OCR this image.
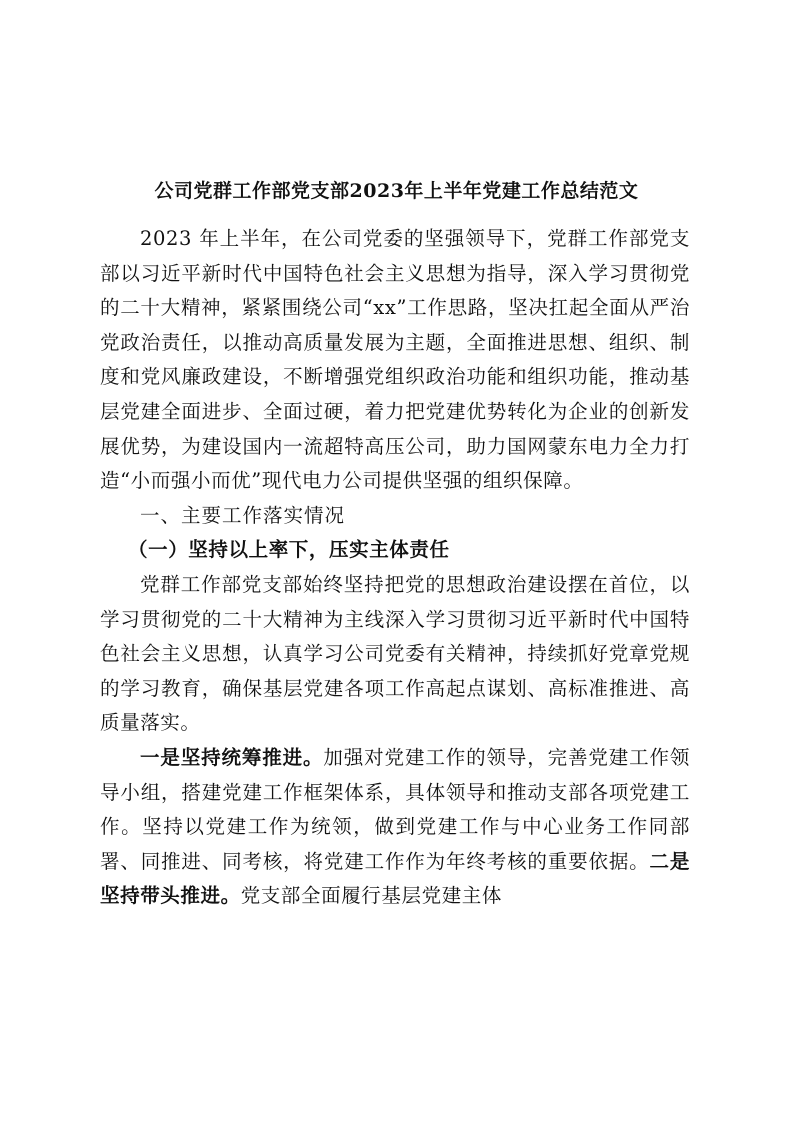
公司党群工作部党支部2023年上半年党建工作总结范文

2023 年上半年，在公司党委的坚强领导下，党群工作部党支部以习近平新时代中国特色社会主义思想为指导，深入学习贯彻党的二十大精神，紧紧围绕公司“xx”工作思路，坚决扛起全面从严治党政治责任，以推动高质量发展为主题，全面推进思想、组织、制度和党风廉政建设，不断增强党组织政治功能和组织功能，推动基层党建全面进步、全面过硬，着力把党建优势转化为企业的创新发展优势，为建设国内一流超特高压公司，助力国网蒙东电力全力打造“小而强小而优”现代电力公司提供坚强的组织保障。

一、主要工作落实情况

（一）坚持以上率下，压实主体责任

党群工作部党支部始终坚持把党的思想政治建设摆在首位，以学习贯彻党的二十大精神为主线深入学习贯彻习近平新时代中国特色社会主义思想，认真学习公司党委有关精神，持续抓好党章党规的学习教育，确保基层党建各项工作高起点谋划、高标准推进、高质量落实。

一是坚持统筹推进。加强对党建工作的领导，完善党建工作领导小组，搭建党建工作框架体系，具体领导和推动支部各项党建工作。坚持以党建工作为统领，做到党建工作与中心业务工作同部署、同推进、同考核，将党建工作作为年终考核的重要依据。二是坚持带头推进。党支部全面履行基层党建主体
